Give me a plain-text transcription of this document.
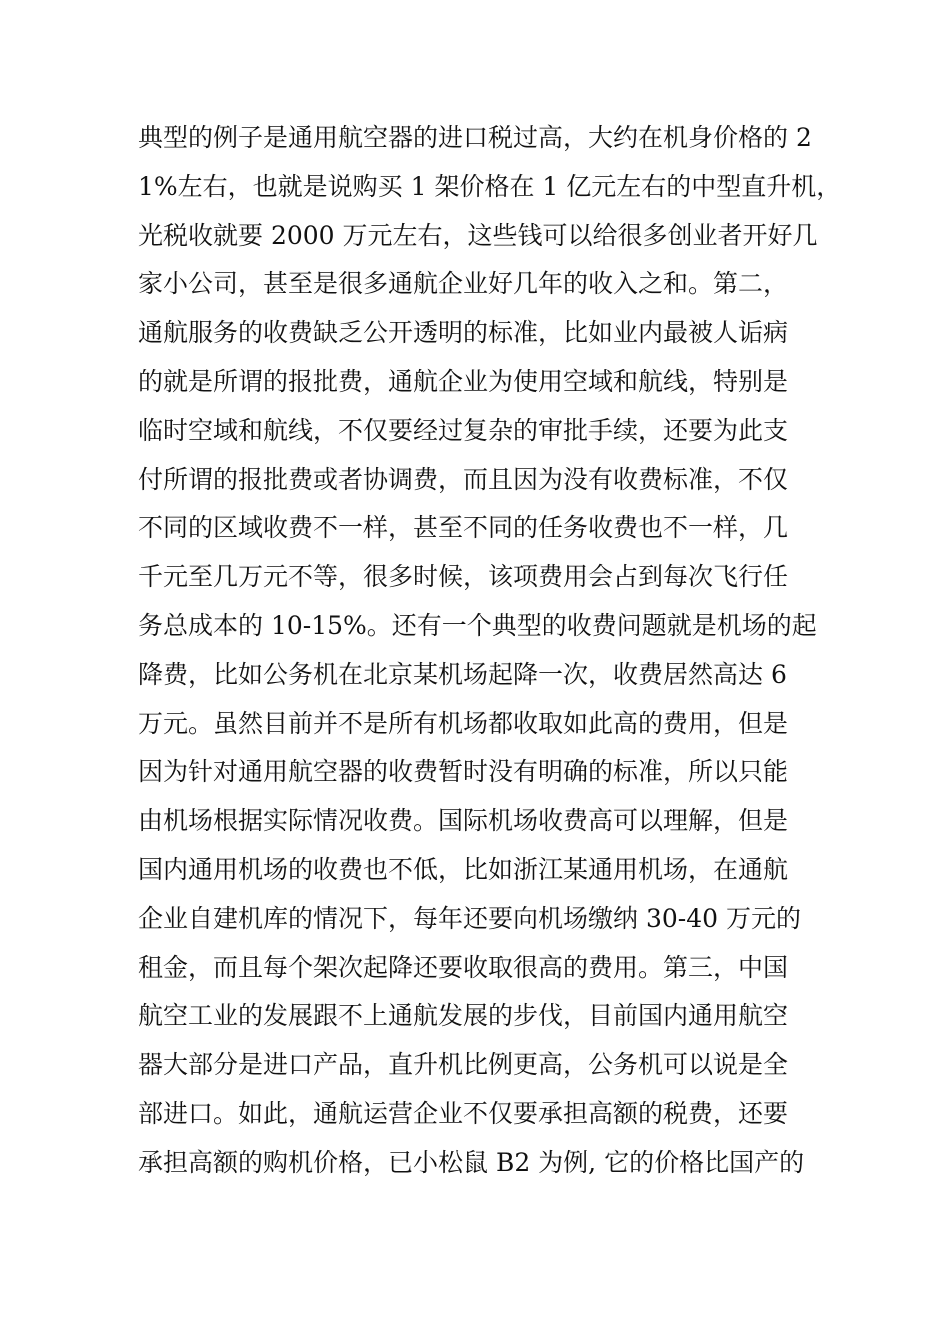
典型的例子是通用航空器的进口税过高，大约在机身价格的 2
1%左右，也就是说购买 1 架价格在 1 亿元左右的中型直升机，
光税收就要 2000 万元左右，这些钱可以给很多创业者开好几
家小公司，甚至是很多通航企业好几年的收入之和。第二，
通航服务的收费缺乏公开透明的标准，比如业内最被人诟病
的就是所谓的报批费，通航企业为使用空域和航线，特别是
临时空域和航线，不仅要经过复杂的审批手续，还要为此支
付所谓的报批费或者协调费，而且因为没有收费标准，不仅
不同的区域收费不一样，甚至不同的任务收费也不一样，几
千元至几万元不等，很多时候，该项费用会占到每次飞行任
务总成本的 10-15%。还有一个典型的收费问题就是机场的起
降费，比如公务机在北京某机场起降一次，收费居然高达 6
万元。虽然目前并不是所有机场都收取如此高的费用，但是
因为针对通用航空器的收费暂时没有明确的标准，所以只能
由机场根据实际情况收费。国际机场收费高可以理解，但是
国内通用机场的收费也不低，比如浙江某通用机场，在通航
企业自建机库的情况下，每年还要向机场缴纳 30-40 万元的
租金，而且每个架次起降还要收取很高的费用。第三，中国
航空工业的发展跟不上通航发展的步伐，目前国内通用航空
器大部分是进口产品，直升机比例更高，公务机可以说是全
部进口。如此，通航运营企业不仅要承担高额的税费，还要
承担高额的购机价格，已小松鼠 B2 为例, 它的价格比国产的
